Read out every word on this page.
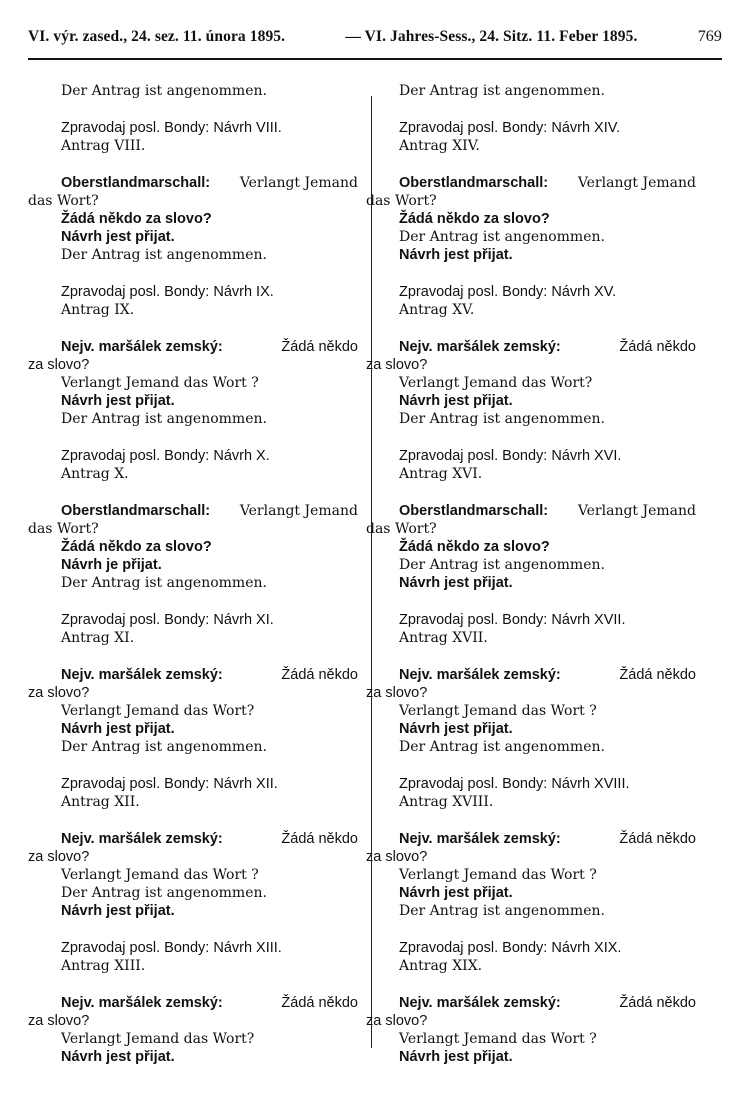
VI. výr. zased., 24. sez. 11. února 1895.	— VI. Jahres-Sess., 24. Sitz. 11. Feber 1895.	769
Der Antrag ist angenommen.
Zpravodaj posl. Bondy: Návrh VIII.
Antrag VIII.
Oberstlandmarschall: Verlangt Jemand
das Wort?
Žádá někdo za slovo?
Návrh jest přijat.
Der Antrag ist angenommen.
Zpravodaj posl. Bondy: Návrh IX.
Antrag IX.
Nejv. maršálek zemský:	Žádá někdo
za slovo?
Verlangt Jemand das Wort ?
Návrh jest přijat.
Der Antrag ist angenommen.
Zpravodaj posl. Bondy: Návrh X.
Antrag X.
Oberstlandmarschall: Verlangt Jemand
das Wort?
Žádá někdo za slovo?
Návrh je přijat.
Der Antrag ist angenommen.
Zpravodaj posl. Bondy: Návrh XI.
Antrag XI.
Nejv. maršálek zemský:	Žádá někdo
za slovo?
Verlangt Jemand das Wort?
Návrh jest přijat.
Der Antrag ist angenommen.
Zpravodaj posl. Bondy: Návrh XII.
Antrag XII.
Nejv. maršálek zemský:	Žádá někdo
za slovo?
Verlangt Jemand das Wort ?
Der Antrag ist angenommen.
Návrh jest přijat.
Zpravodaj posl. Bondy: Návrh XIII.
Antrag XIII.
Nejv. maršálek zemský:	Žádá někdo
za slovo?
Verlangt Jemand das Wort?
Návrh jest přijat.
Der Antrag ist angenommen.
Zpravodaj posl. Bondy: Návrh XIV.
Antrag XIV.
Oberstlandmarschall: Verlangt Jemand
das Wort?
Žádá někdo za slovo?
Der Antrag ist angenommen.
Návrh jest přijat.
Zpravodaj posl. Bondy: Návrh XV.
Antrag XV.
Nejv. maršálek zemský:	Žádá někdo
za slovo?
Verlangt Jemand das Wort?
Návrh jest přijat.
Der Antrag ist angenommen.
Zpravodaj posl. Bondy: Návrh XVI.
Antrag XVI.
Oberstlandmarschall: Verlangt Jemand
das Wort?
Žádá někdo za slovo?
Der Antrag ist angenommen.
Návrh jest přijat.
Zpravodaj posl. Bondy: Návrh XVII.
Antrag XVII.
Nejv. maršálek zemský:	Žádá někdo
za slovo?
Verlangt Jemand das Wort ?
Návrh jest přijat.
Der Antrag ist angenommen.
Zpravodaj posl. Bondy: Návrh XVIII.
Antrag XVIII.
Nejv. maršálek zemský:	Žádá někdo
za slovo?
Verlangt Jemand das Wort ?
Návrh jest přijat.
Der Antrag ist angenommen.
Zpravodaj posl. Bondy: Návrh XIX.
Antrag XIX.
Nejv. maršálek zemský:	Žádá někdo
za slovo?
Verlangt Jemand das Wort ?
Návrh jest přijat.
